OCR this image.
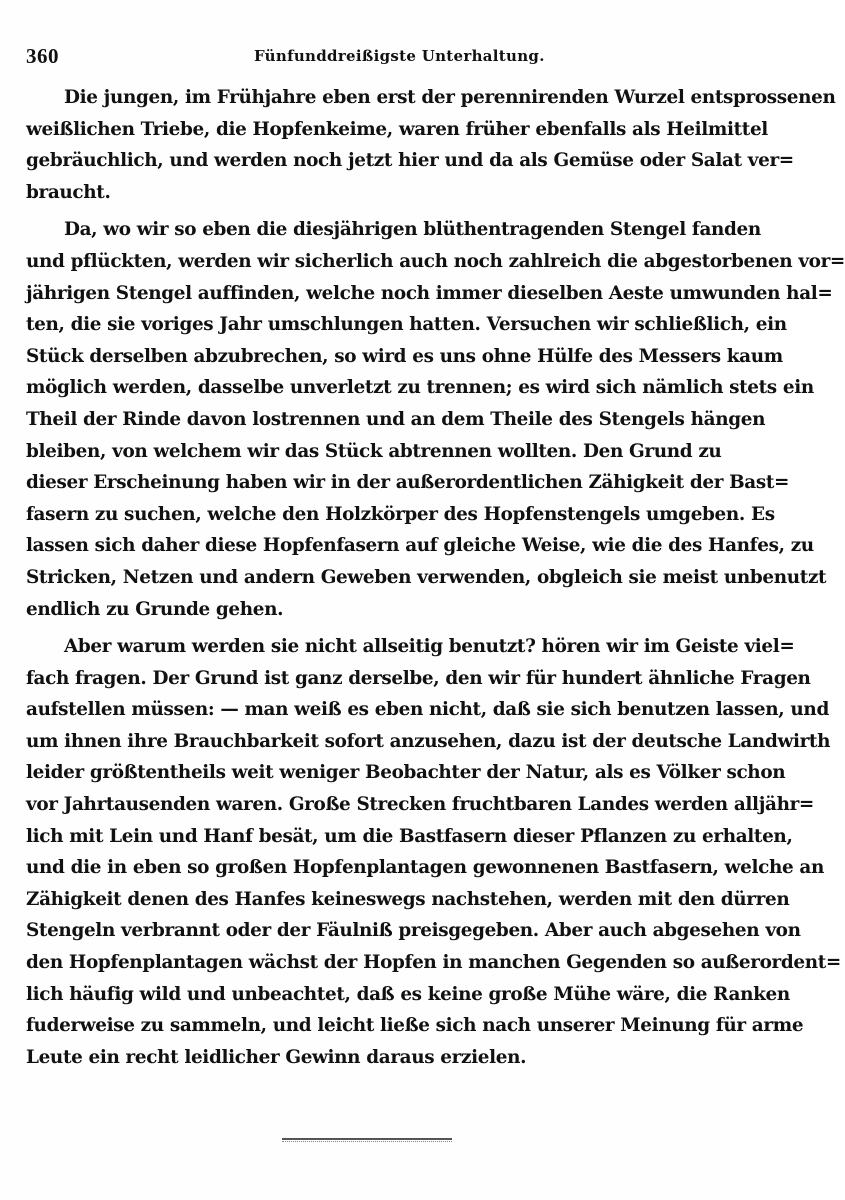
360	Fünfunddreißigste Unterhaltung.
Die jungen, im Frühjahre eben erst der perennirenden Wurzel entsprossenen
weißlichen Triebe, die Hopfenkeime, waren früher ebenfalls als Heilmittel
gebräuchlich, und werden noch jetzt hier und da als Gemüse oder Salat ver=
braucht.
Da, wo wir so eben die diesjährigen blüthentragenden Stengel fanden
und pflückten, werden wir sicherlich auch noch zahlreich die abgestorbenen vor=
jährigen Stengel auffinden, welche noch immer dieselben Aeste umwunden hal=
ten, die sie voriges Jahr umschlungen hatten. Versuchen wir schließlich, ein
Stück derselben abzubrechen, so wird es uns ohne Hülfe des Messers kaum
möglich werden, dasselbe unverletzt zu trennen; es wird sich nämlich stets ein
Theil der Rinde davon lostrennen und an dem Theile des Stengels hängen
bleiben, von welchem wir das Stück abtrennen wollten. Den Grund zu
dieser Erscheinung haben wir in der außerordentlichen Zähigkeit der Bast=
fasern zu suchen, welche den Holzkörper des Hopfenstengels umgeben. Es
lassen sich daher diese Hopfenfasern auf gleiche Weise, wie die des Hanfes, zu
Stricken, Netzen und andern Geweben verwenden, obgleich sie meist unbenutzt
endlich zu Grunde gehen.
Aber warum werden sie nicht allseitig benutzt? hören wir im Geiste viel=
fach fragen. Der Grund ist ganz derselbe, den wir für hundert ähnliche Fragen
aufstellen müssen: — man weiß es eben nicht, daß sie sich benutzen lassen, und
um ihnen ihre Brauchbarkeit sofort anzusehen, dazu ist der deutsche Landwirth
leider größtentheils weit weniger Beobachter der Natur, als es Völker schon
vor Jahrtausenden waren. Große Strecken fruchtbaren Landes werden alljähr=
lich mit Lein und Hanf besät, um die Bastfasern dieser Pflanzen zu erhalten,
und die in eben so großen Hopfenplantagen gewonnenen Bastfasern, welche an
Zähigkeit denen des Hanfes keineswegs nachstehen, werden mit den dürren
Stengeln verbrannt oder der Fäulniß preisgegeben. Aber auch abgesehen von
den Hopfenplantagen wächst der Hopfen in manchen Gegenden so außerordent=
lich häufig wild und unbeachtet, daß es keine große Mühe wäre, die Ranken
fuderweise zu sammeln, und leicht ließe sich nach unserer Meinung für arme
Leute ein recht leidlicher Gewinn daraus erzielen.
